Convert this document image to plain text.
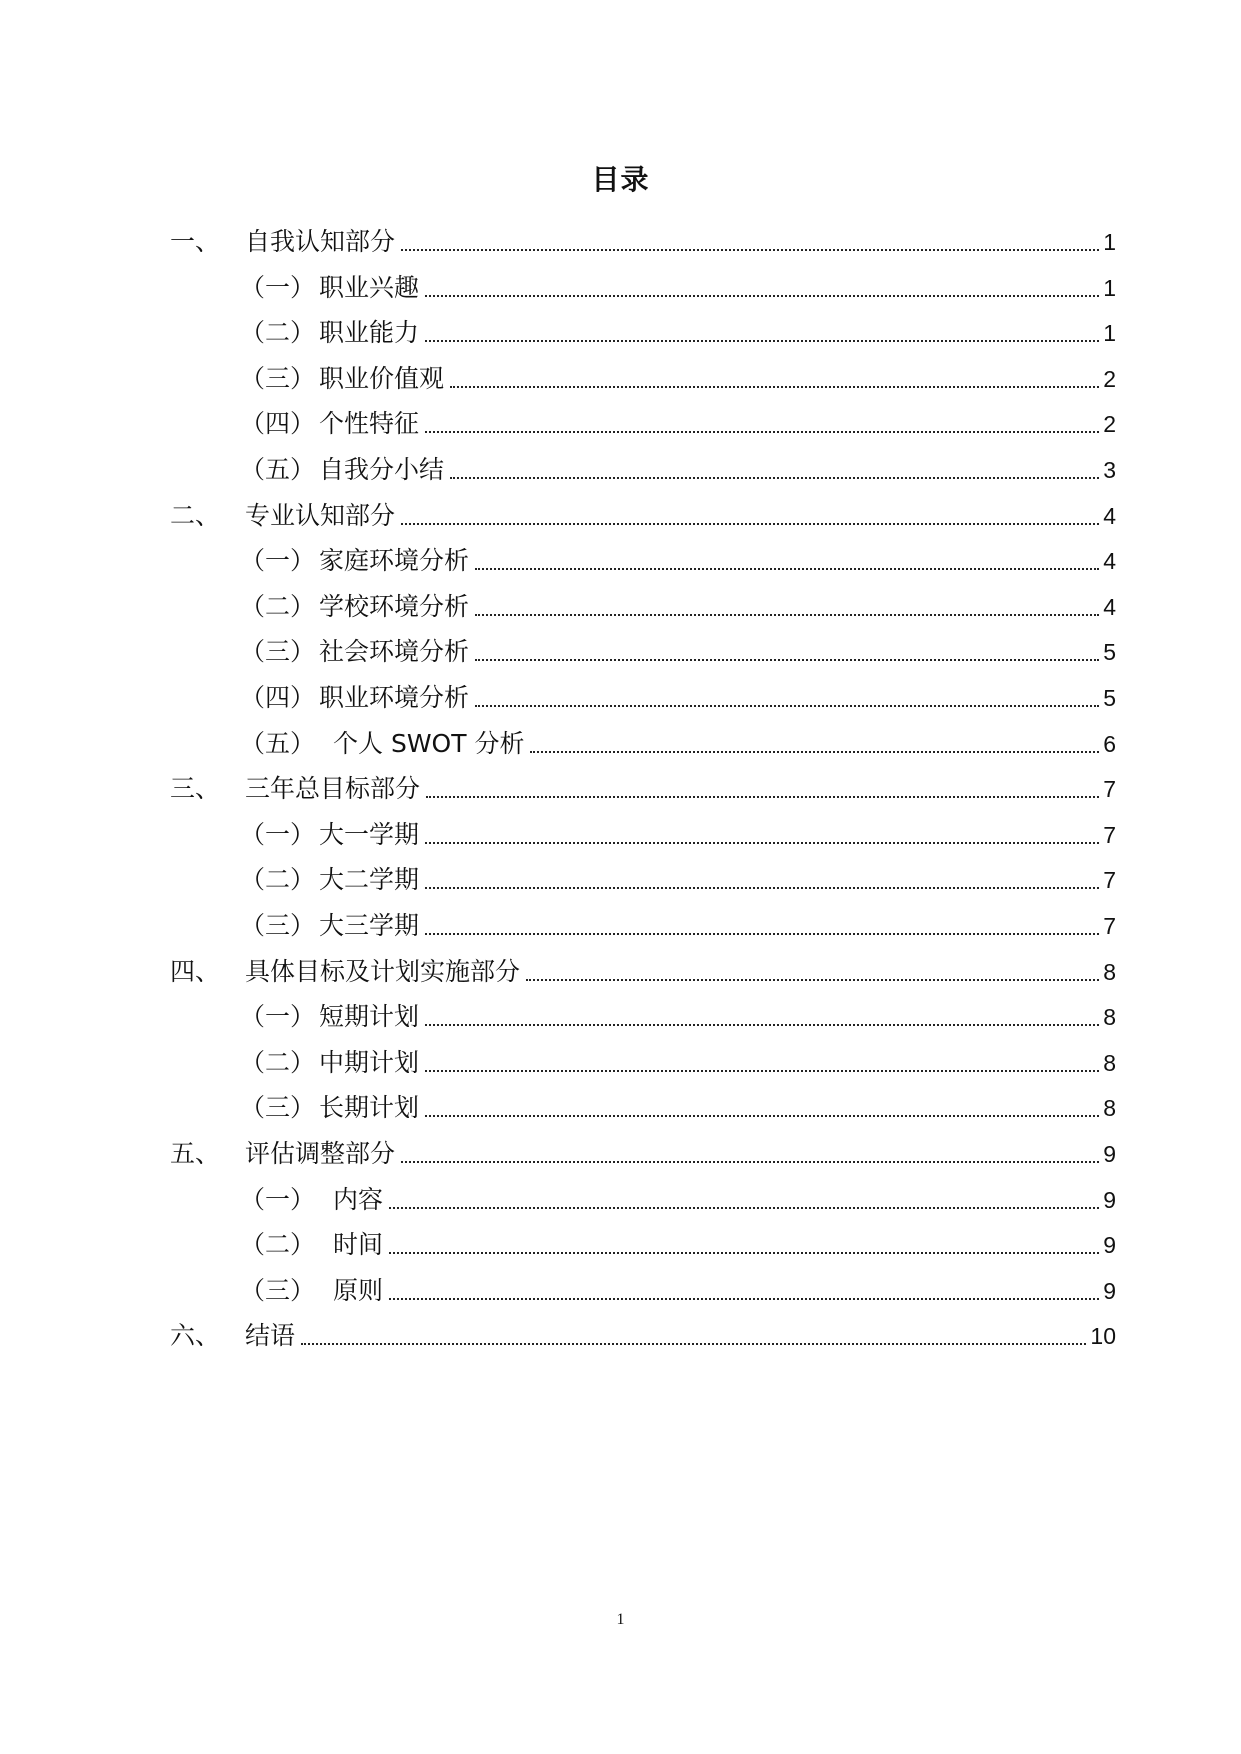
目录
一、 自我认知部分	1
（一） 职业兴趣	1
（二） 职业能力	1
（三） 职业价值观	2
（四） 个性特征	2
（五） 自我分小结	3
二、 专业认知部分	4
（一） 家庭环境分析	4
（二） 学校环境分析	4
（三） 社会环境分析	5
（四） 职业环境分析	5
（五） 个人 SWOT 分析	6
三、 三年总目标部分	7
（一） 大一学期	7
（二） 大二学期	7
（三） 大三学期	7
四、 具体目标及计划实施部分	8
（一） 短期计划	8
（二） 中期计划	8
（三） 长期计划	8
五、 评估调整部分	9
（一） 内容	9
（二） 时间	9
（三） 原则	9
六、 结语	10
1
